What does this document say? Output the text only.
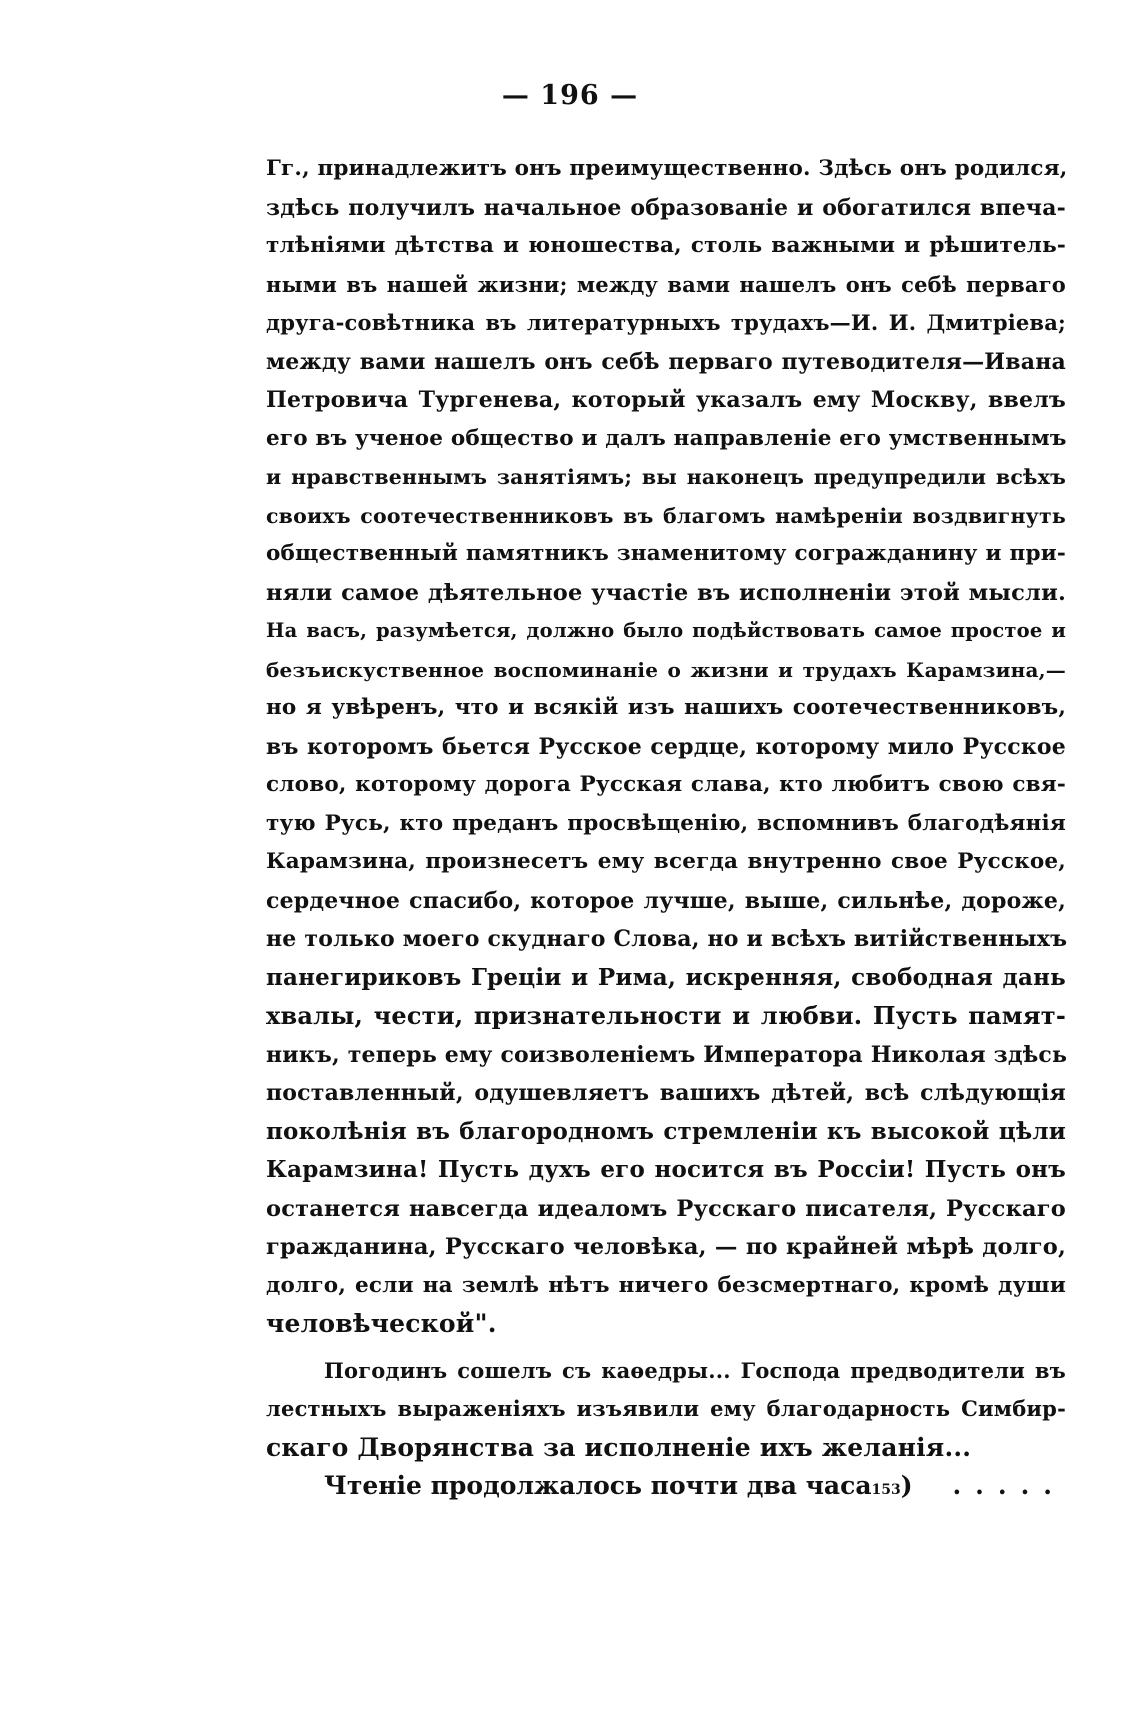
— 196 —
Гг., принадлежитъ онъ преимущественно. Здѣсь онъ родился,
здѣсь получилъ начальное образованіе и обогатился впеча-
тлѣніями дѣтства и юношества, столь важными и рѣшитель-
ными въ нашей жизни; между вами нашелъ онъ себѣ перваго
друга-совѣтника въ литературныхъ трудахъ—И. И. Дмитріева;
между вами нашелъ онъ себѣ перваго путеводителя—Ивана
Петровича Тургенева, который указалъ ему Москву, ввелъ
его въ ученое общество и далъ направленіе его умственнымъ
и нравственнымъ занятіямъ; вы наконецъ предупредили всѣхъ
своихъ соотечественниковъ въ благомъ намѣреніи воздвигнуть
общественный памятникъ знаменитому согражданину и при-
няли самое дѣятельное участіе въ исполненіи этой мысли.
На васъ, разумѣется, должно было подѣйствовать самое простое и
безъискуственное воспоминаніе о жизни и трудахъ Карамзина,—
но я увѣренъ, что и всякій изъ нашихъ соотечественниковъ,
въ которомъ бьется Русское сердце, которому мило Русское
слово, которому дорога Русская слава, кто любитъ свою свя-
тую Русь, кто преданъ просвѣщенію, вспомнивъ благодѣянія
Карамзина, произнесетъ ему всегда внутренно свое Русское,
сердечное спасибо, которое лучше, выше, сильнѣе, дороже,
не только моего скуднаго Слова, но и всѣхъ витійственныхъ
панегириковъ Греціи и Рима, искренняя, свободная дань
хвалы, чести, признательности и любви. Пусть памят-
никъ, теперь ему соизволеніемъ Императора Николая здѣсь
поставленный, одушевляетъ вашихъ дѣтей, всѣ слѣдующія
поколѣнія въ благородномъ стремленіи къ высокой цѣли
Карамзина! Пусть духъ его носится въ Россіи! Пусть онъ
останется навсегда идеаломъ Русскаго писателя, Русскаго
гражданина, Русскаго человѣка, — по крайней мѣрѣ долго,
долго, если на землѣ нѣтъ ничего безсмертнаго, кромѣ души
человѣческой".
Погодинъ сошелъ съ каѳедры... Господа предводители въ
лестныхъ выраженіяхъ изъявили ему благодарность Симбир-
скаго Дворянства за исполненіе ихъ желанія...
Чтеніе продолжалось почти два часа 153 )	.....
